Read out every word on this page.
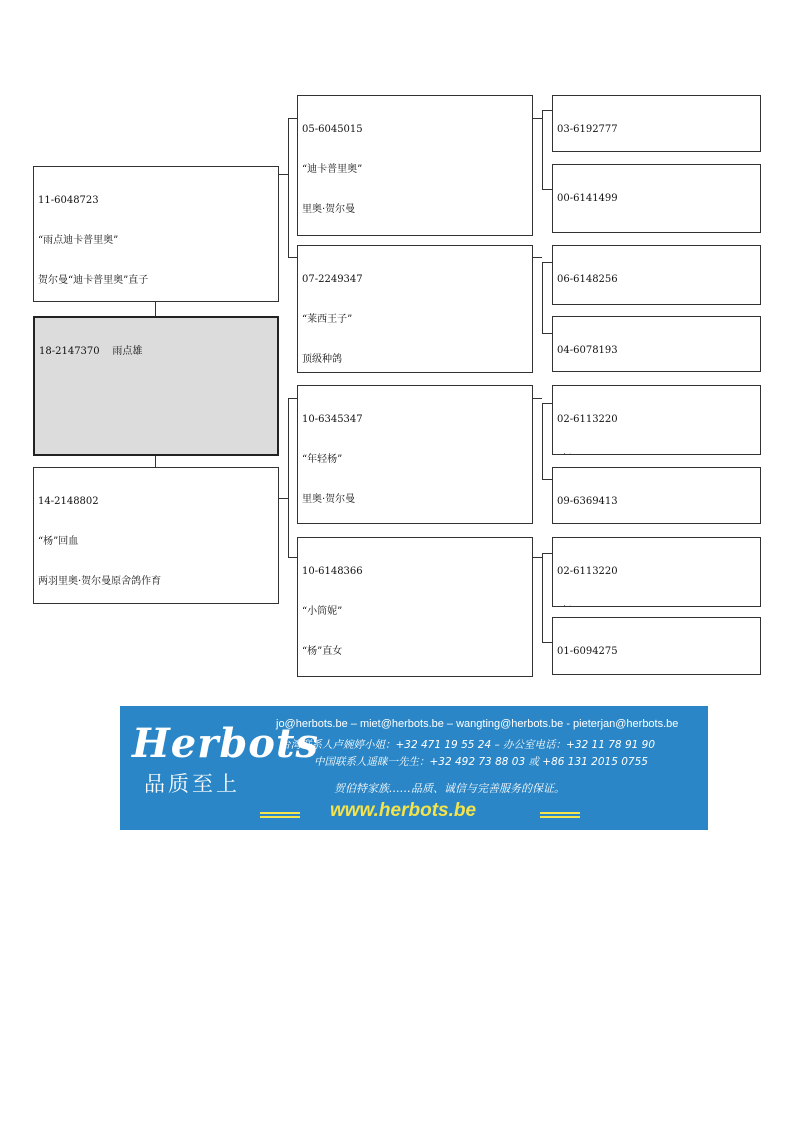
11-6048723

“雨点迪卡普里奥”

贺尔曼“迪卡普里奥”直子

18-2147370 雨点雄

14-2148802

“杨”回血

两羽里奥·贺尔曼原舍鸽作育

05-6045015

“迪卡普里奥”

里奥·贺尔曼

07-2249347

“莱西王子”

顶级种鸽

10-6345347

“年轻杨”

里奥·贺尔曼

10-6148366

“小筒妮”

“杨”直女

03-6192777

00-6141499

06-6148256

04-6078193

02-6113220

09-6369413

02-6113220

01-6094275

Herbots
品质至上
jo@herbots.be – miet@herbots.be – wangting@herbots.be - pieterjan@herbots.be
台湾联系人卢婉婷小姐：+32 471 19 55 24 – 办公室电话：+32 11 78 91 90
中国联系人遥睐一先生：+32 492 73 88 03 或 +86 131 2015 0755
贺伯特家族……品质、诚信与完善服务的保证。
www.herbots.be
